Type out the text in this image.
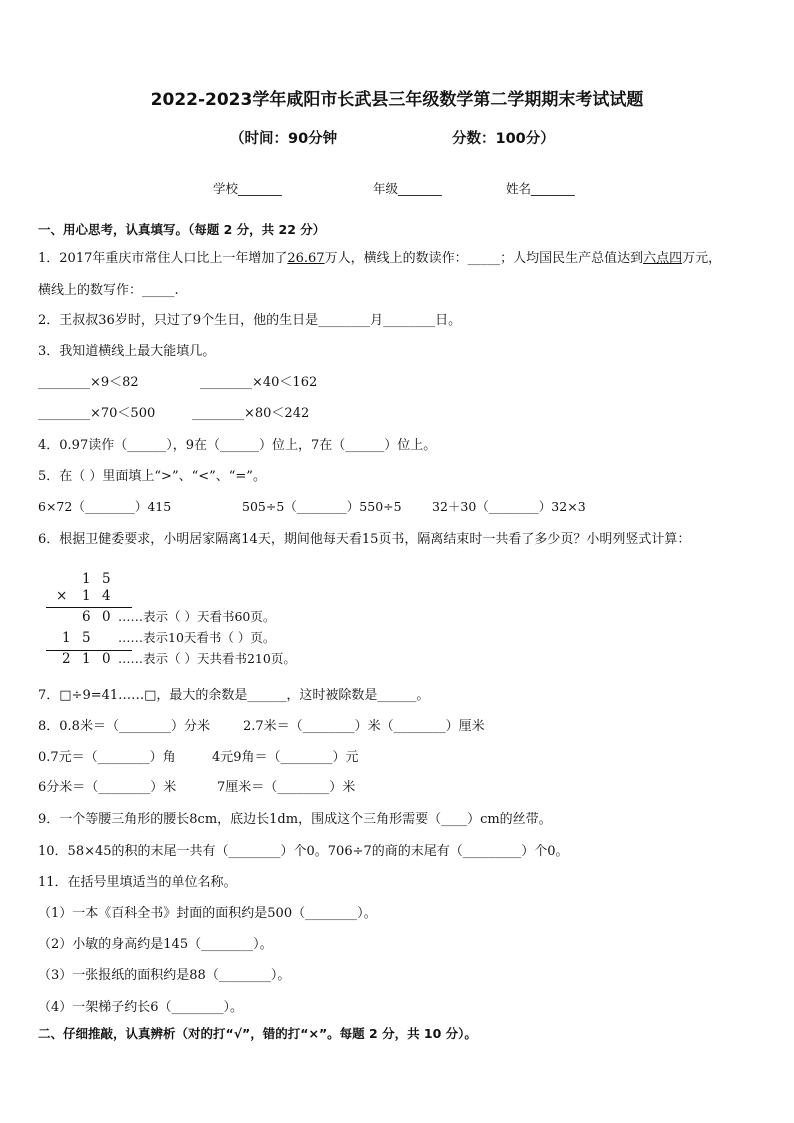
2022-2023学年咸阳市长武县三年级数学第二学期期末考试试题
（时间：90分钟	分数：100分）
学校_______	年级_______	姓名_______
一、用心思考，认真填写。（每题 2 分，共 22 分）
1．2017年重庆市常住人口比上一年增加了26.67万人，横线上的数读作：_____；人均国民生产总值达到六点四万元，
横线上的数写作：_____.
2．王叔叔36岁时，只过了9个生日，他的生日是________月________日。
3．我知道横线上最大能填几。
________×9＜82	________×40＜162
________×70＜500	________×80＜242
4．0.97读作（______），9在（______）位上，7在（______）位上。
5．在（ ）里面填上“>”、“<”、“=”。
6×72（________）415	505÷5（________）550÷5 32＋30（________）32×3
6．根据卫健委要求，小明居家隔离14天，期间他每天看15页书，隔离结束时一共看了多少页？小明列竖式计算：
1 5
× 1 4
6 0 ……表示（ ）天看书60页。
1 5 ……表示10天看书（ ）页。
2 1 0 ……表示（ ）天共看书210页。
7．□÷9=41……□，最大的余数是______，这时被除数是______。
8．0.8米＝（________）分米	2.7米＝（________）米（________）厘米
0.7元＝（________）角	4元9角＝（________）元
6分米＝（________）米	7厘米＝（________）米
9．一个等腰三角形的腰长8cm，底边长1dm，围成这个三角形需要（____）cm的丝带。
10．58×45的积的末尾一共有（________）个0。706÷7的商的末尾有（_________）个0。
11．在括号里填适当的单位名称。
（1）一本《百科全书》封面的面积约是500（________）。
（2）小敏的身高约是145（________）。
（3）一张报纸的面积约是88（________）。
（4）一架梯子约长6（________）。
二、仔细推敲，认真辨析（对的打“√”，错的打“×”。每题 2 分，共 10 分）。
